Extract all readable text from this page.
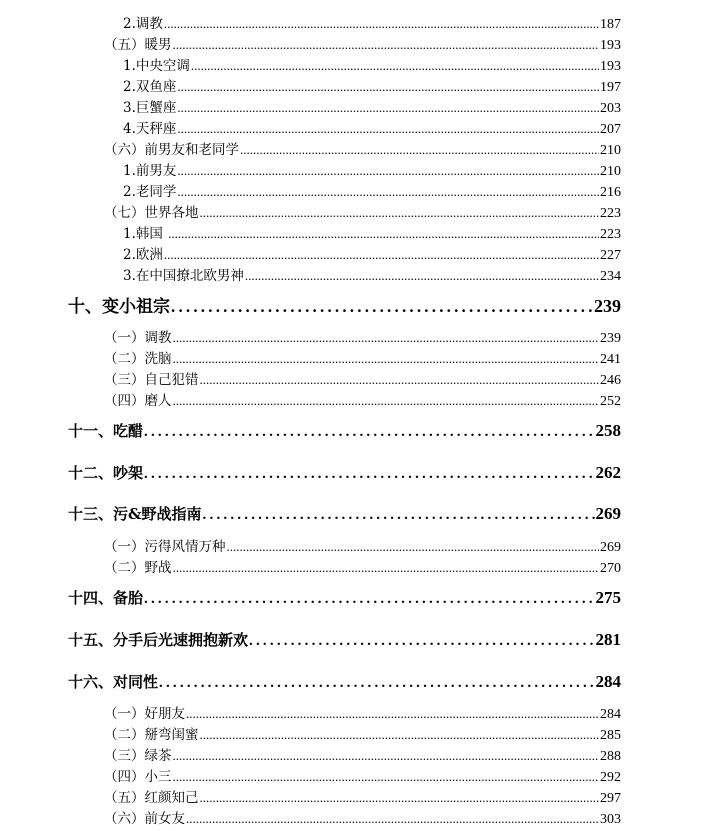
2.调教 .....	187
（五）暖男 .....	193
1.中央空调 .....	193
2.双鱼座 .....	197
3.巨蟹座 .....	203
4.天秤座 .....	207
（六）前男友和老同学 .....	210
1.前男友 .....	210
2.老同学 .....	216
（七）世界各地 .....	223
1.韩国 .....	223
2.欧洲 .....	227
3.在中国撩北欧男神 .....	234
十、变小祖宗 .....	239
（一）调教 .....	239
（二）洗脑 .....	241
（三）自己犯错 .....	246
（四）磨人 .....	252
十一、吃醋 .....	258
十二、吵架 .....	262
十三、污&野战指南 .....	269
（一）污得风情万种 .....	269
（二）野战 .....	270
十四、备胎 .....	275
十五、分手后光速拥抱新欢 .....	281
十六、对同性 .....	284
（一）好朋友 .....	284
（二）掰弯闺蜜 .....	285
（三）绿茶 .....	288
（四）小三 .....	292
（五）红颜知己 .....	297
（六）前女友 .....	303
